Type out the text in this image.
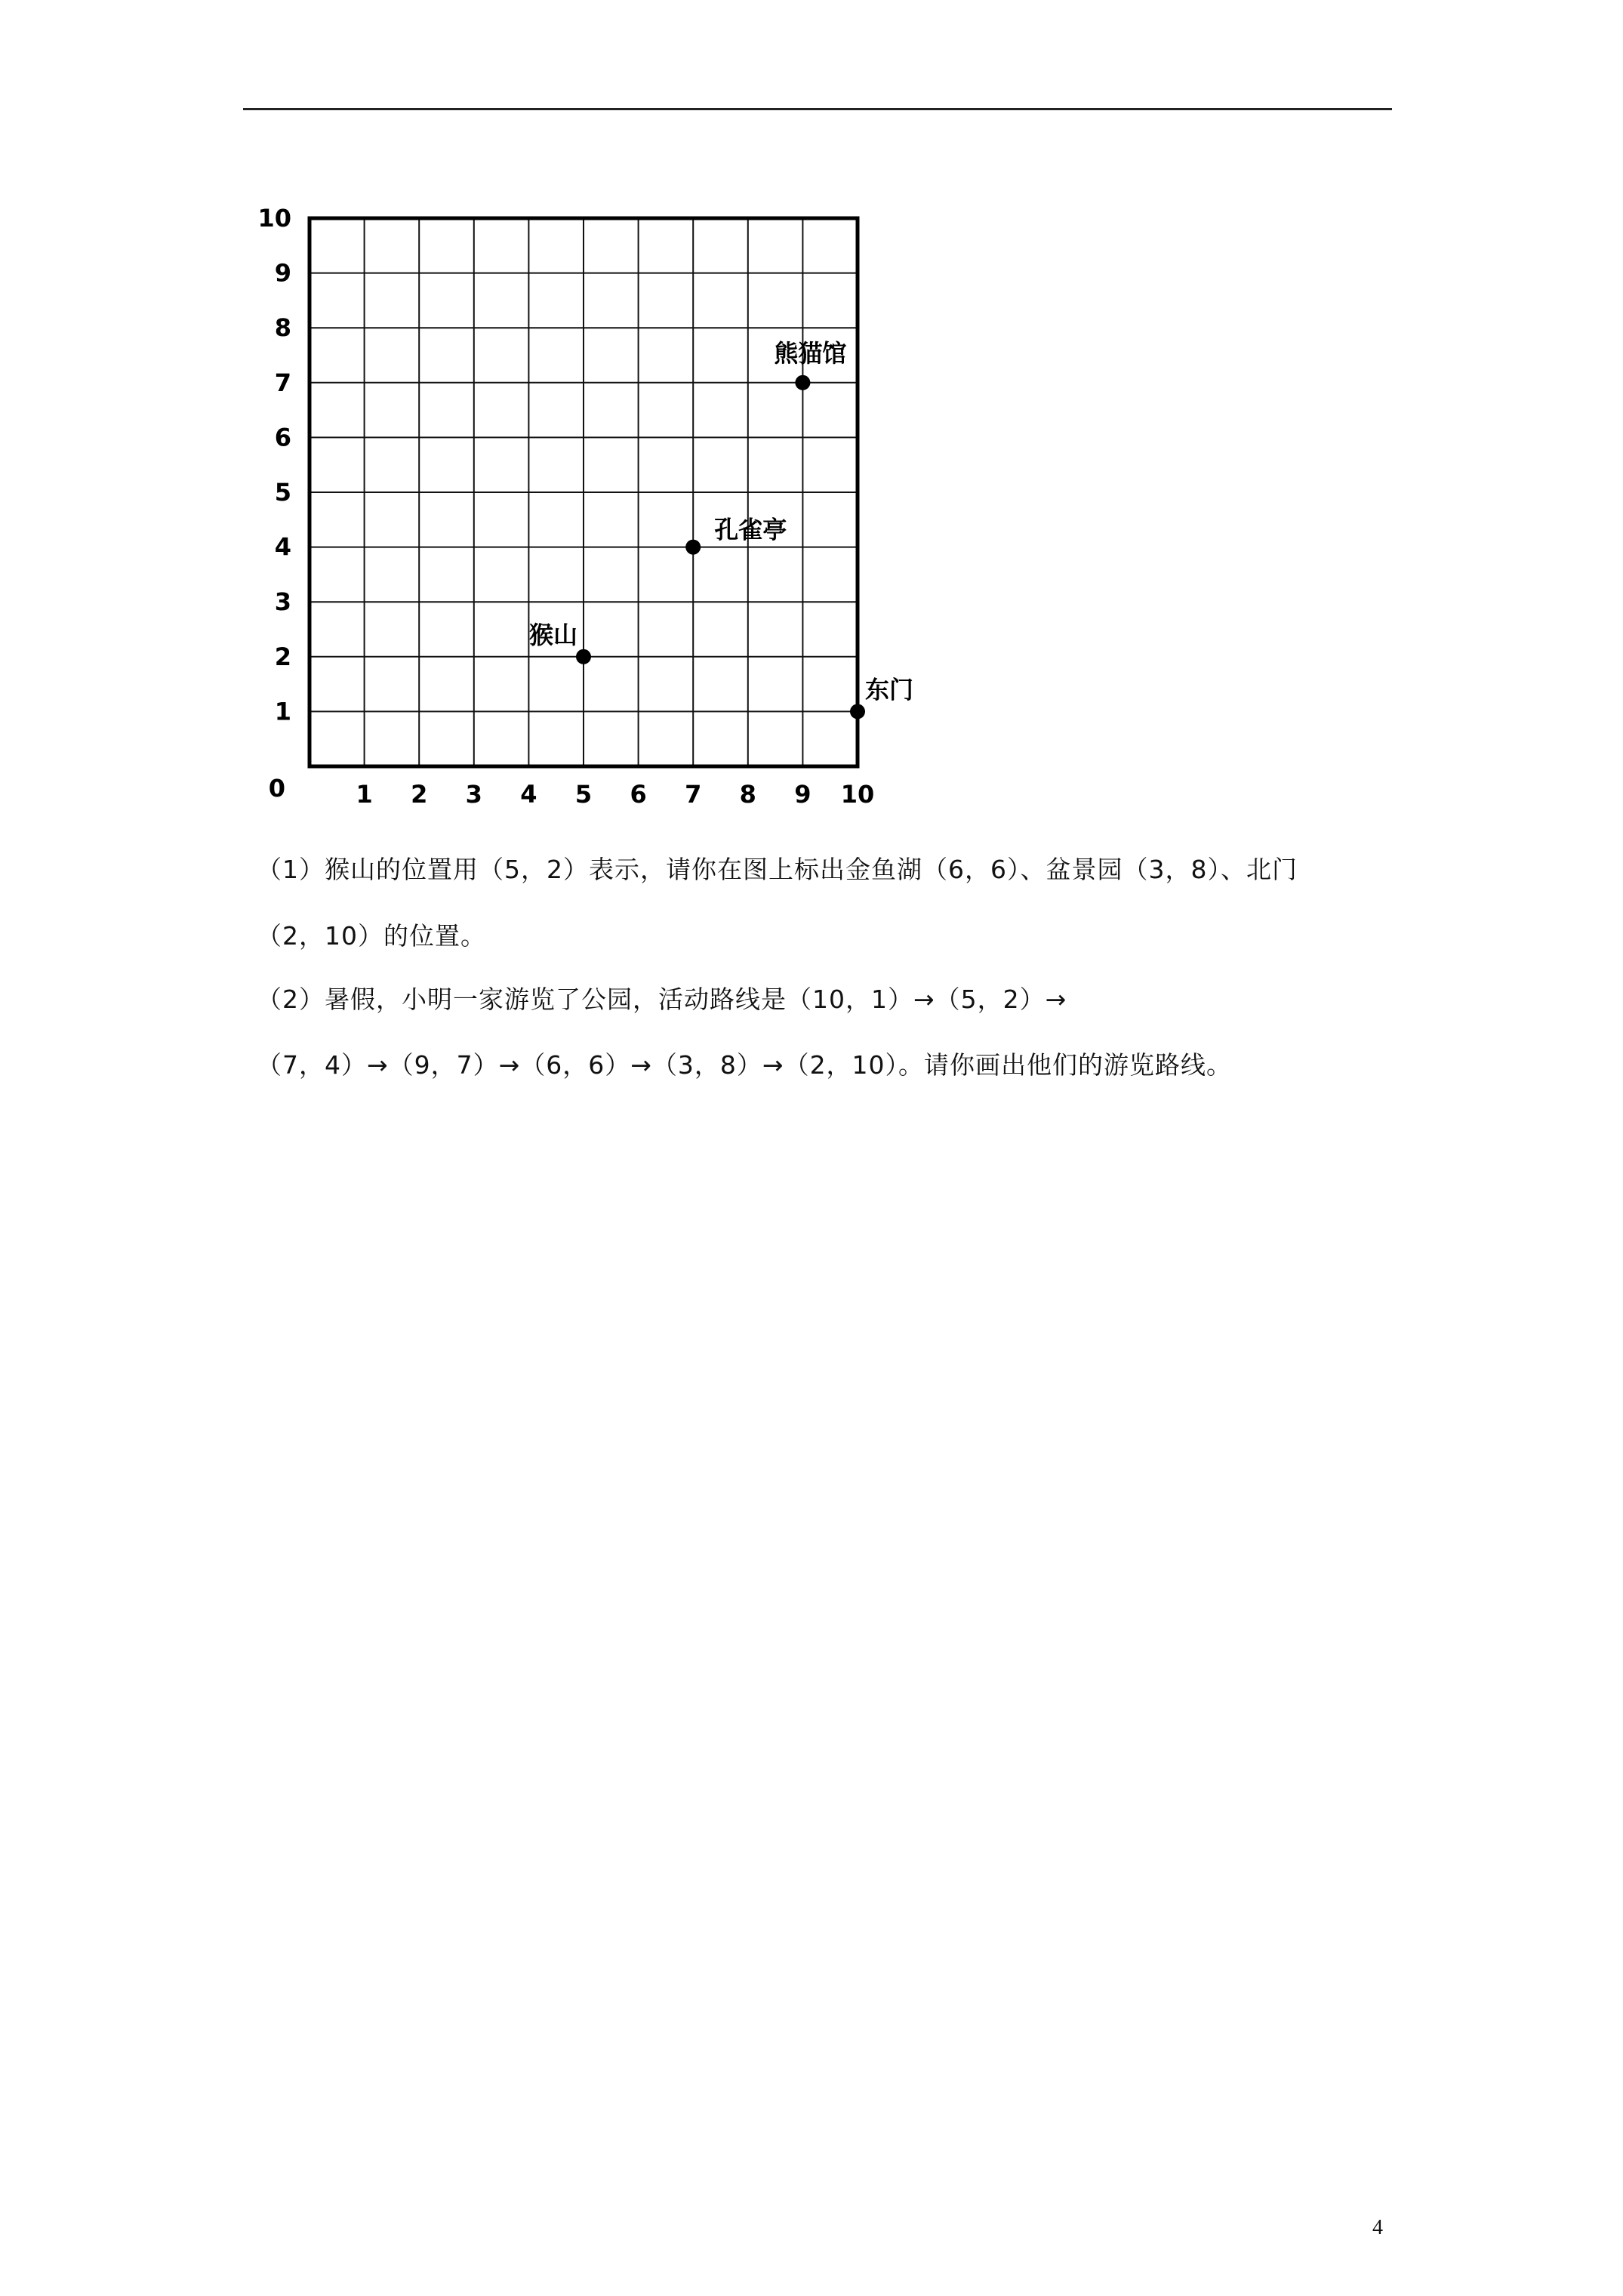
1 2 3 4 5 6 7 8 9 10
1
2
3
4
5
6
7
8
9
10
0
熊猫馆
孔雀亭
猴山
东门
（1）猴山的位置用（5，2）表示，请你在图上标出金鱼湖（6，6）、盆景园（3，8）、北门
（2，10）的位置。
（2）暑假，小明一家游览了公园，活动路线是（10，1）→（5，2）→
（7，4）→（9，7）→（6，6）→（3，8）→（2，10）。请你画出他们的游览路线。
4
